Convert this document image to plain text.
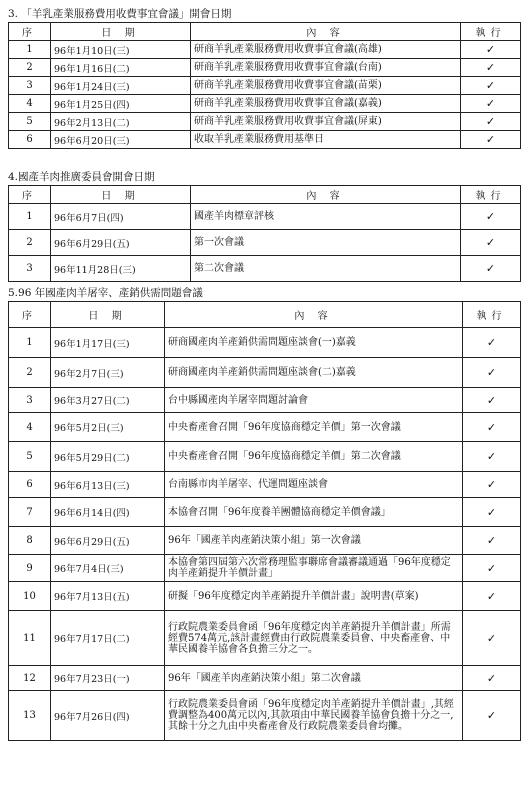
3. 「羊乳產業服務費用收費事宜會議」開會日期
序	日 期	內 容	執行
1	96年1月10日(三)	研商羊乳產業服務費用收費事宜會議(高雄)	✓
2	96年1月16日(二)	研商羊乳產業服務費用收費事宜會議(台南)	✓
3	96年1月24日(三)	研商羊乳產業服務費用收費事宜會議(苗栗)	✓
4	96年1月25日(四)	研商羊乳產業服務費用收費事宜會議(嘉義)	✓
5	96年2月13日(二)	研商羊乳產業服務費用收費事宜會議(屏東)	✓
6	96年6月20日(三)	收取羊乳產業服務費用基準日	✓
4.國產羊肉推廣委員會開會日期
序	日 期	內 容	執行
1	96年6月7日(四)	國產羊肉標章評核	✓
2	96年6月29日(五)	第一次會議	✓
3	96年11月28日(三)	第二次會議	✓
5.96 年國產肉羊屠宰、產銷供需問題會議
序	日 期	內 容	執行
1	96年1月17日(三)	研商國產肉羊產銷供需問題座談會(一)嘉義	✓
2	96年2月7日(三)	研商國產肉羊產銷供需問題座談會(二)嘉義	✓
3	96年3月27日(二)	台中縣國產肉羊屠宰問題討論會	✓
4	96年5月2日(三)	中央畜產會召開「96年度協商穩定羊價」第一次會議	✓
5	96年5月29日(二)	中央畜產會召開「96年度協商穩定羊價」第二次會議	✓
6	96年6月13日(三)	台南縣市肉羊屠宰、代運問題座談會	✓
7	96年6月14日(四)	本協會召開「96年度養羊團體協商穩定羊價會議」	✓
8	96年6月29日(五)	96年「國產羊肉產銷決策小組」第一次會議	✓
9	96年7月4日(三)	本協會第四屆第六次常務理監事聯席會議審議通過「96年度穩定肉羊產銷提升羊價計畫」	✓
10	96年7月13日(五)	研擬「96年度穩定肉羊產銷提升羊價計畫」說明書(草案)	✓
11	96年7月17日(二)	行政院農業委員會函「96年度穩定肉羊產銷提升羊價計畫」所需經費574萬元,該計畫經費由行政院農業委員會、中央畜產會、中華民國養羊協會各負擔三分之一。	✓
12	96年7月23日(一)	96年「國產羊肉產銷決策小組」第二次會議	✓
13	96年7月26日(四)	行政院農業委員會函「96年度穩定肉羊產銷提升羊價計畫」,其經費調整為400萬元以內,其款項由中華民國養羊協會負擔十分之一,其餘十分之九由中央畜產會及行政院農業委員會均攤。	✓
